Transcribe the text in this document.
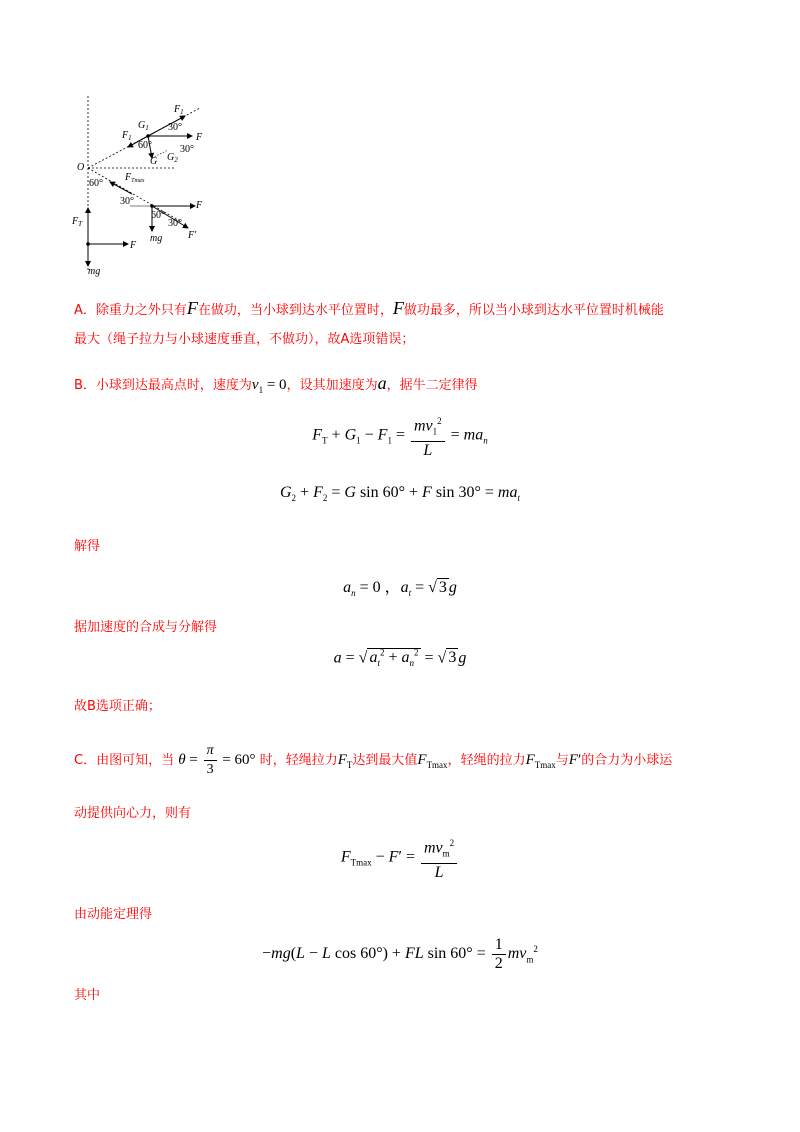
$F_1$
$F_1$
$G_1$ 30°
F
30°
60°
G $G_2$
O
60°
$F_{Tmax}$
30°	F
60°
30°
mg	F′
$F_T$
F
mg
A．除重力之外只有F在做功，当小球到达水平位置时，F做功最多，所以当小球到达水平位置时机械能
最大（绳子拉力与小球速度垂直，不做功），故A选项错误；
B．小球到达最高点时，速度为$v_1 = 0$，设其加速度为a，据牛二定律得
$F_T + G_1 - F_1 = \frac{mv_1^2}{L} = ma_n$
$G_2 + F_2 = G$ sin 60° + F $\sin 30^\circ = ma_t$
解得
$a_n = 0$ ，$a_t$ = √ 3 g
据加速度的合成与分解得
a = √ $a_t^2 + a_n^2$ = √ 3 g
故B选项正确；
C．由图可知，当 $\theta = \frac{\pi}{3} = 60^\circ$ 时，轻绳拉力$F_T$达到最大值$F_{Tmax}$，轻绳的拉力$F_{Tmax}$与F′的合力为小球运
动提供向心力，则有
$F_{Tmax} - F' = \frac{mv_m^2}{L}$
由动能定理得
−mg(L − L cos 60°) + FL $\sin 60^\circ = \frac{1}{2} mv_m^2$
其中
